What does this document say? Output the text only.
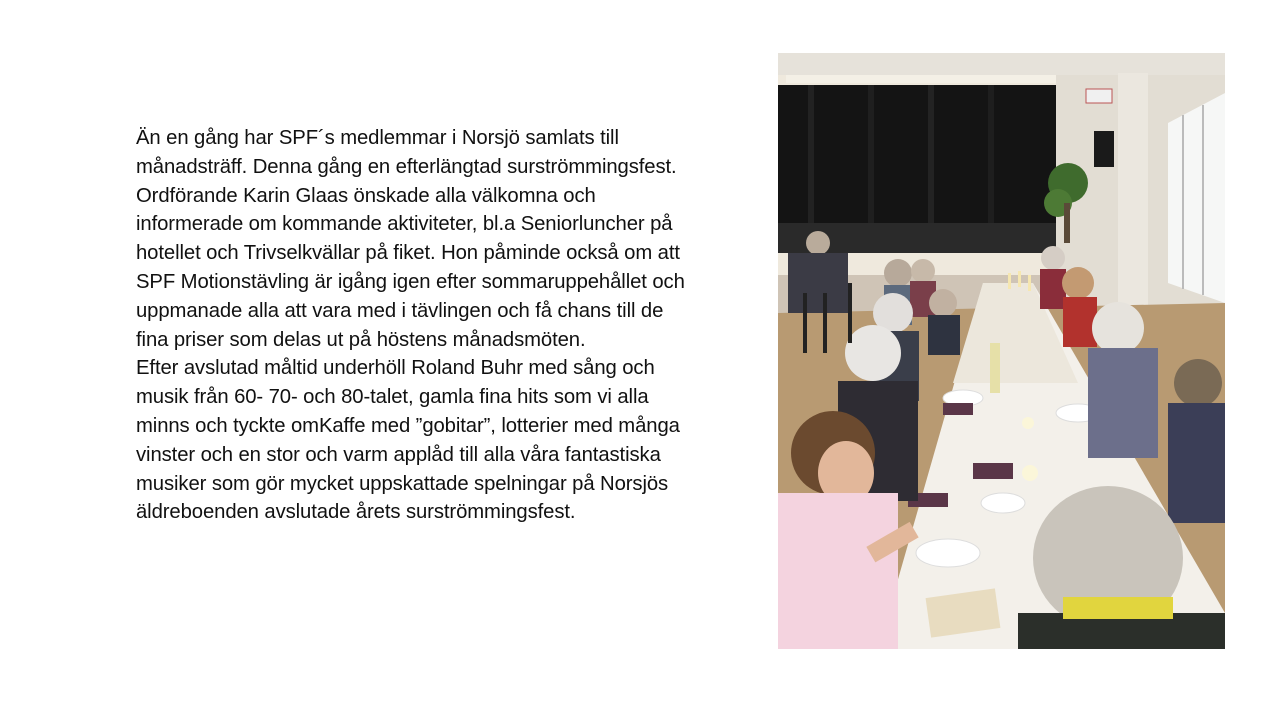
Än en gång har SPF´s medlemmar i Norsjö samlats till
månadsträff. Denna gång en efterlängtad surströmmingsfest.
Ordförande Karin Glaas önskade alla välkomna och
informerade om kommande aktiviteter, bl.a Seniorluncher på
hotellet och Trivselkvällar på fiket. Hon påminde också om att
SPF Motionstävling är igång igen efter sommaruppehållet och
uppmanade alla att vara med i tävlingen och få chans till de
fina priser som delas ut på höstens månadsmöten.
Efter avslutad måltid underhöll Roland Buhr med sång och
musik från 60- 70- och 80-talet, gamla fina hits som vi alla
minns och tyckte omKaffe med ”gobitar”, lotterier med många
vinster och en stor och varm applåd till alla våra fantastiska
musiker som gör mycket uppskattade spelningar på Norsjös
äldreboenden avslutade årets surströmmingsfest.
